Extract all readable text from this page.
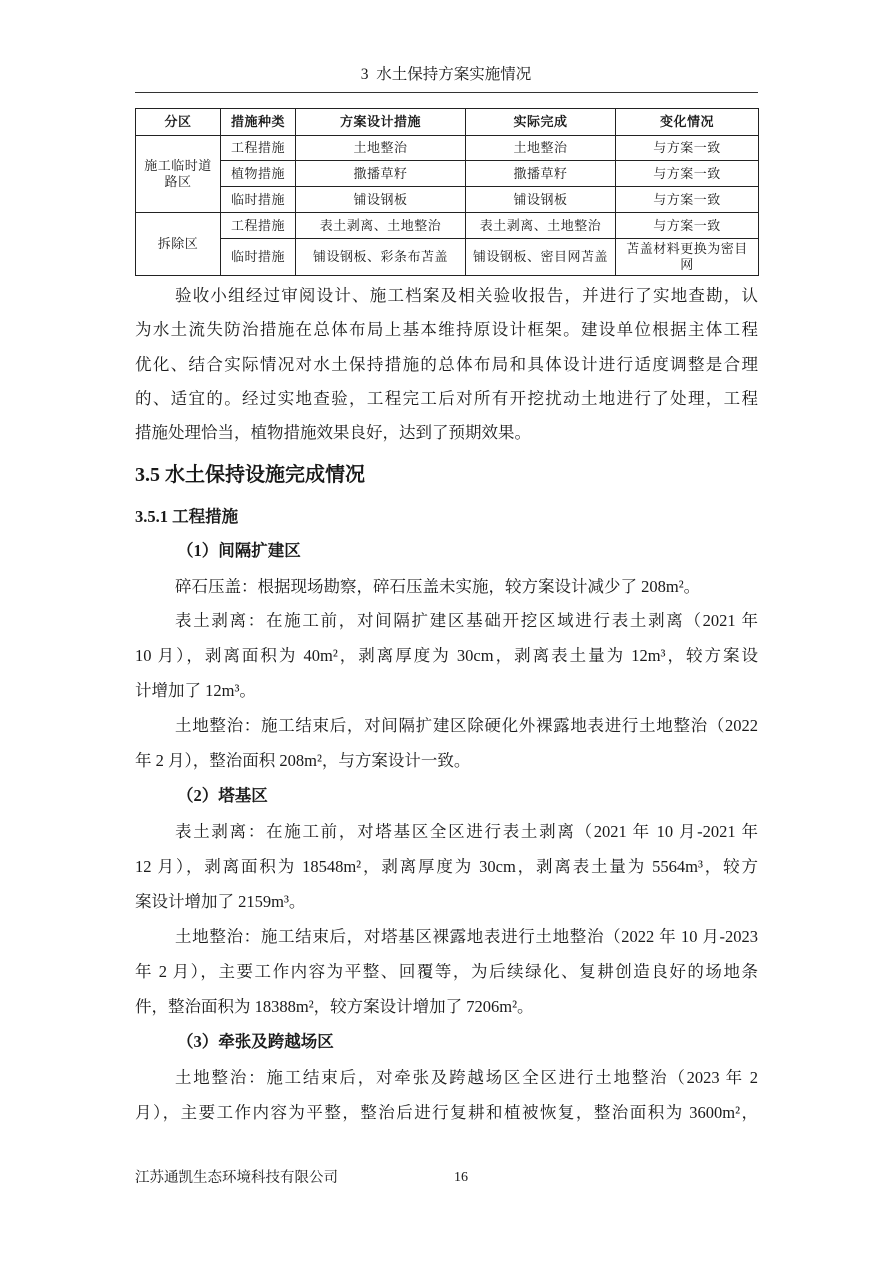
3  水土保持方案实施情况
分区	措施种类	方案设计措施	实际完成	变化情况
施工临时道路区	工程措施	土地整治	土地整治	与方案一致
	植物措施	撒播草籽	撒播草籽	与方案一致
	临时措施	铺设钢板	铺设钢板	与方案一致
拆除区	工程措施	表土剥离、土地整治	表土剥离、土地整治	与方案一致
	临时措施	铺设钢板、彩条布苫盖	铺设钢板、密目网苫盖	苫盖材料更换为密目网
验收小组经过审阅设计、施工档案及相关验收报告，并进行了实地查勘，认
为水土流失防治措施在总体布局上基本维持原设计框架。建设单位根据主体工程
优化、结合实际情况对水土保持措施的总体布局和具体设计进行适度调整是合理
的、适宜的。经过实地查验，工程完工后对所有开挖扰动土地进行了处理，工程
措施处理恰当，植物措施效果良好，达到了预期效果。
3.5 水土保持设施完成情况
3.5.1 工程措施
（1）间隔扩建区
碎石压盖：根据现场勘察，碎石压盖未实施，较方案设计减少了 208m²。
表土剥离：在施工前，对间隔扩建区基础开挖区域进行表土剥离（2021 年
10 月），剥离面积为 40m²，剥离厚度为 30cm，剥离表土量为 12m³，较方案设
计增加了 12m³。
土地整治：施工结束后，对间隔扩建区除硬化外裸露地表进行土地整治（2022
年 2 月），整治面积 208m²，与方案设计一致。
（2）塔基区
表土剥离：在施工前，对塔基区全区进行表土剥离（2021 年 10 月-2021 年
12 月），剥离面积为 18548m²，剥离厚度为 30cm，剥离表土量为 5564m³，较方
案设计增加了 2159m³。
土地整治：施工结束后，对塔基区裸露地表进行土地整治（2022 年 10 月-2023
年 2 月），主要工作内容为平整、回覆等，为后续绿化、复耕创造良好的场地条
件，整治面积为 18388m²，较方案设计增加了 7206m²。
（3）牵张及跨越场区
土地整治：施工结束后，对牵张及跨越场区全区进行土地整治（2023 年 2
月），主要工作内容为平整，整治后进行复耕和植被恢复，整治面积为 3600m²，
江苏通凯生态环境科技有限公司	16
